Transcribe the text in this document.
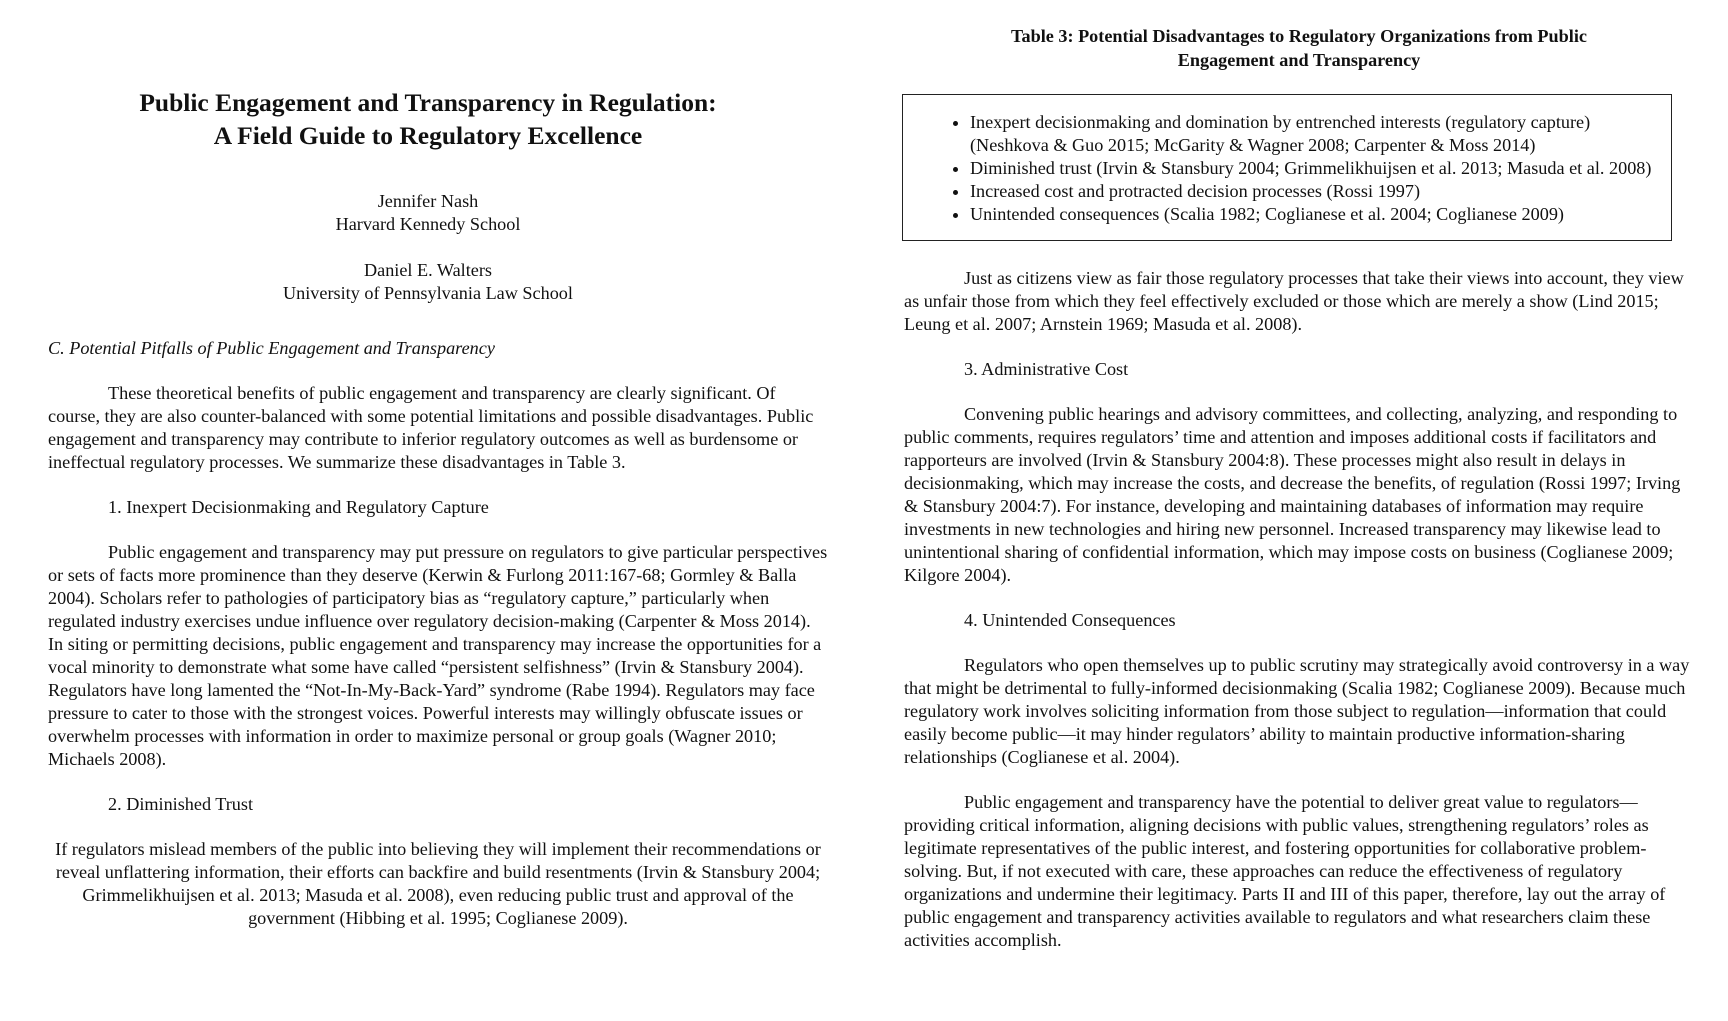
Public Engagement and Transparency in Regulation:
A Field Guide to Regulatory Excellence
Jennifer Nash
Harvard Kennedy School
Daniel E. Walters
University of Pennsylvania Law School

C. Potential Pitfalls of Public Engagement and Transparency

These theoretical benefits of public engagement and transparency are clearly significant. Of course, they are also counter-balanced with some potential limitations and possible disadvantages. Public engagement and transparency may contribute to inferior regulatory outcomes as well as burdensome or ineffectual regulatory processes. We summarize these disadvantages in Table 3.

1. Inexpert Decisionmaking and Regulatory Capture

Public engagement and transparency may put pressure on regulators to give particular perspectives or sets of facts more prominence than they deserve (Kerwin & Furlong 2011:167-68; Gormley & Balla 2004). Scholars refer to pathologies of participatory bias as “regulatory capture,” particularly when regulated industry exercises undue influence over regulatory decision-making (Carpenter & Moss 2014). In siting or permitting decisions, public engagement and transparency may increase the opportunities for a vocal minority to demonstrate what some have called “persistent selfishness” (Irvin & Stansbury 2004). Regulators have long lamented the “Not-In-My-Back-Yard” syndrome (Rabe 1994). Regulators may face pressure to cater to those with the strongest voices. Powerful interests may willingly obfuscate issues or overwhelm processes with information in order to maximize personal or group goals (Wagner 2010; Michaels 2008).

2. Diminished Trust

If regulators mislead members of the public into believing they will implement their recommendations or reveal unflattering information, their efforts can backfire and build resentments (Irvin & Stansbury 2004; Grimmelikhuijsen et al. 2013; Masuda et al. 2008), even reducing public trust and approval of the government (Hibbing et al. 1995; Coglianese 2009).

Table 3: Potential Disadvantages to Regulatory Organizations from Public
Engagement and Transparency
• Inexpert decisionmaking and domination by entrenched interests (regulatory capture) (Neshkova & Guo 2015; McGarity & Wagner 2008; Carpenter & Moss 2014)
• Diminished trust (Irvin & Stansbury 2004; Grimmelikhuijsen et al. 2013; Masuda et al. 2008)
• Increased cost and protracted decision processes (Rossi 1997)
• Unintended consequences (Scalia 1982; Coglianese et al. 2004; Coglianese 2009)

Just as citizens view as fair those regulatory processes that take their views into account, they view as unfair those from which they feel effectively excluded or those which are merely a show (Lind 2015; Leung et al. 2007; Arnstein 1969; Masuda et al. 2008).

3. Administrative Cost

Convening public hearings and advisory committees, and collecting, analyzing, and responding to public comments, requires regulators’ time and attention and imposes additional costs if facilitators and rapporteurs are involved (Irvin & Stansbury 2004:8). These processes might also result in delays in decisionmaking, which may increase the costs, and decrease the benefits, of regulation (Rossi 1997; Irving & Stansbury 2004:7). For instance, developing and maintaining databases of information may require investments in new technologies and hiring new personnel. Increased transparency may likewise lead to unintentional sharing of confidential information, which may impose costs on business (Coglianese 2009; Kilgore 2004).

4. Unintended Consequences

Regulators who open themselves up to public scrutiny may strategically avoid controversy in a way that might be detrimental to fully-informed decisionmaking (Scalia 1982; Coglianese 2009). Because much regulatory work involves soliciting information from those subject to regulation—information that could easily become public—it may hinder regulators’ ability to maintain productive information-sharing relationships (Coglianese et al. 2004).

Public engagement and transparency have the potential to deliver great value to regulators—providing critical information, aligning decisions with public values, strengthening regulators’ roles as legitimate representatives of the public interest, and fostering opportunities for collaborative problem-solving. But, if not executed with care, these approaches can reduce the effectiveness of regulatory organizations and undermine their legitimacy. Parts II and III of this paper, therefore, lay out the array of public engagement and transparency activities available to regulators and what researchers claim these activities accomplish.
